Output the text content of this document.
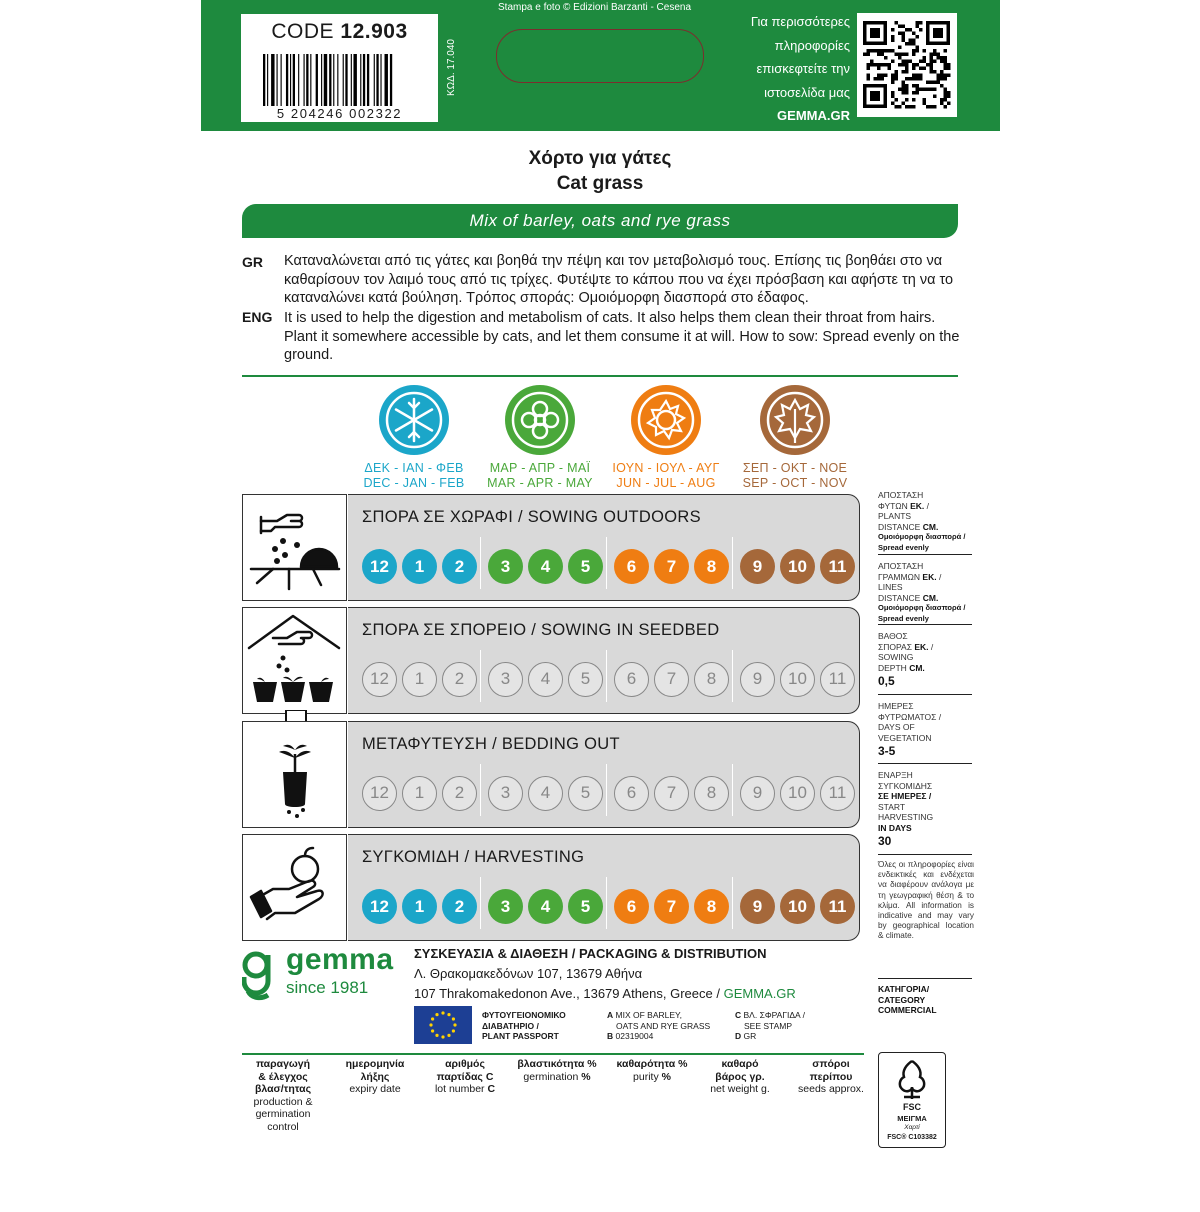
CODE 12.903
5 204246 002322
ΚΩΔ. 17.040
Stampa e foto © Edizioni Barzanti - Cesena
Για περισσότερες
πληροφορίες
επισκεφτείτε την
ιστοσελίδα μας
GEMMA.GR
Χόρτο για γάτες
Cat grass
Mix of barley, oats and rye grass
GR Καταναλώνεται από τις γάτες και βοηθά την πέψη και τον μεταβολισμό τους. Επίσης τις βοηθάει στο να καθαρίσουν τον λαιμό τους από τις τρίχες. Φυτέψτε το κάπου που να έχει πρόσβαση και αφήστε τη να το καταναλώνει κατά βούληση. Τρόπος σποράς: Ομοιόμορφη διασπορά στο έδαφος.
ENG It is used to help the digestion and metabolism of cats. It also helps them clean their throat from hairs. Plant it somewhere accessible by cats, and let them consume it at will. How to sow: Spread evenly on the ground.
ΔΕΚ - ΙΑΝ - ΦΕΒ
DEC - JAN - FEB
ΜΑΡ - ΑΠΡ - ΜΑΪ
MAR - APR - MAY
ΙΟΥΝ - ΙΟΥΛ - ΑΥΓ
JUN - JUL - AUG
ΣΕΠ - ΟΚΤ - ΝΟΕ
SEP - OCT - NOV
ΣΠΟΡΑ ΣΕ ΧΩΡΑΦΙ / SOWING OUTDOORS
12	1	2	3	4	5	6	7	8	9	10	11
ΣΠΟΡΑ ΣΕ ΣΠΟΡΕΙΟ / SOWING IN SEEDBED
12	1	2	3	4	5	6	7	8	9	10	11
ΜΕΤΑΦΥΤΕΥΣΗ / BEDDING OUT
12	1	2	3	4	5	6	7	8	9	10	11
ΣΥΓΚΟΜΙΔΗ / HARVESTING
12	1	2	3	4	5	6	7	8	9	10	11
ΑΠΟΣΤΑΣΗ
ΦΥΤΩΝ ΕΚ. /
PLANTS
DISTANCE CM.
Ομοιόμορφη διασπορά /
Spread evenly
ΑΠΟΣΤΑΣΗ
ΓΡΑΜΜΩΝ ΕΚ. /
LINES
DISTANCE CM.
Ομοιόμορφη διασπορά /
Spread evenly
ΒΑΘΟΣ
ΣΠΟΡΑΣ ΕΚ. /
SOWING
DEPTH CM.
0,5
ΗΜΕΡΕΣ
ΦΥΤΡΩΜΑΤΟΣ /
DAYS OF
VEGETATION
3-5
ΕΝΑΡΞΗ
ΣΥΓΚΟΜΙΔΗΣ
ΣΕ ΗΜΕΡΕΣ /
START
HARVESTING
IN DAYS
30
Όλες οι πληροφορίες είναι ενδεικτικές και ενδέχεται να διαφέρουν ανάλογα με τη γεωγραφική θέση & το κλίμα. All information is indicative and may vary by geographical location & climate.
ΚΑΤΗΓΟΡΙΑ/
CATEGORY
COMMERCIAL
gemma
since 1981
ΣΥΣΚΕΥΑΣΙΑ & ΔΙΑΘΕΣΗ / PACKAGING & DISTRIBUTION
Λ. Θρακομακεδόνων 107, 13679 Αθήνα
107 Thrakomakedonon Ave., 13679 Athens, Greece / GEMMA.GR
ΦΥΤΟΥΓΕΙΟΝΟΜΙΚΟ
ΔΙΑΒΑΤΗΡΙΟ /
PLANT PASSPORT
A MIX OF BARLEY,
OATS AND RYE GRASS
B 02319004
C ΒΛ. ΣΦΡΑΓΙΔΑ /
SEE STAMP
D GR
παραγωγή
& έλεγχος
βλασ/τητας
production &
germination
control
ημερομηνία
λήξης
expiry date
αριθμός
παρτίδας C
lot number C
βλαστικότητα %
germination %
καθαρότητα %
purity %
καθαρό
βάρος γρ.
net weight g.
σπόροι
περίπου
seeds approx.
FSC
ΜΕΙΓΜΑ
Χαρτί
FSC® C103382
